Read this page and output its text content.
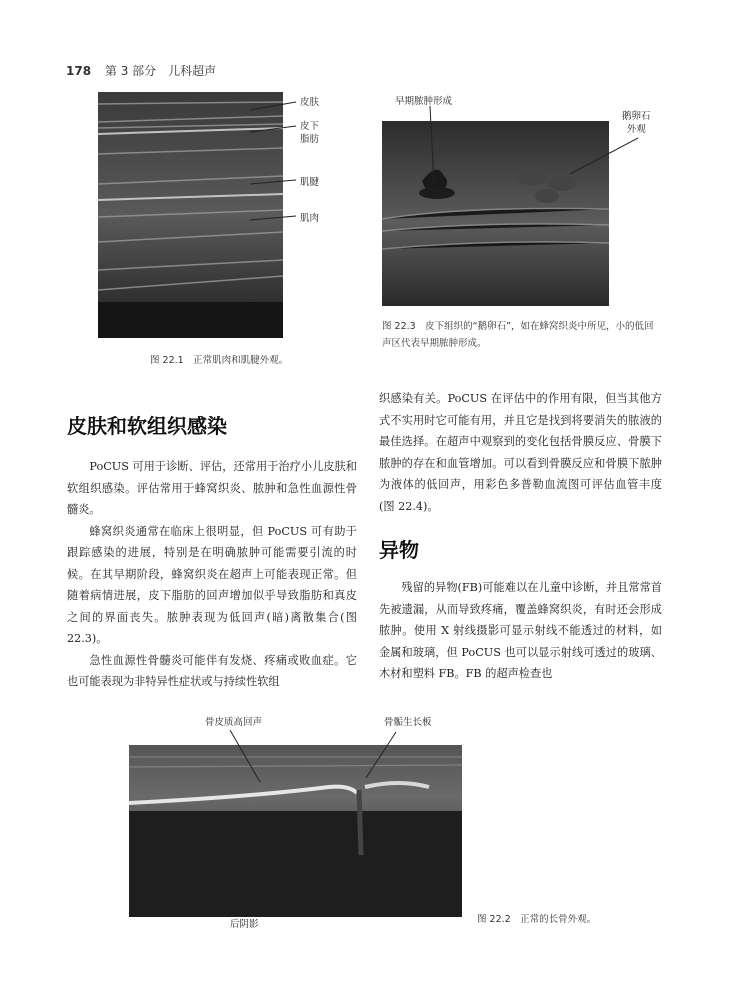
178 第 3 部分　儿科超声
皮肤
皮下
脂肪
肌腱
肌肉
图 22.1　正常肌肉和肌腱外观。
早期脓肿形成
鹅卵石
外观
图 22.3　皮下组织的“鹅卵石”，如在蜂窝织炎中所见，小的低回声区代表早期脓肿形成。
皮肤和软组织感染

PoCUS 可用于诊断、评估，还常用于治疗小儿皮肤和软组织感染。评估常用于蜂窝织炎、脓肿和急性血源性骨髓炎。

蜂窝织炎通常在临床上很明显，但 PoCUS 可有助于跟踪感染的进展，特别是在明确脓肿可能需要引流的时候。在其早期阶段，蜂窝织炎在超声上可能表现正常。但随着病情进展，皮下脂肪的回声增加似乎导致脂肪和真皮之间的界面丧失。脓肿表现为低回声(暗)离散集合(图 22.3)。

急性血源性骨髓炎可能伴有发烧、疼痛或败血症。它也可能表现为非特异性症状或与持续性软组

织感染有关。PoCUS 在评估中的作用有限，但当其他方式不实用时它可能有用，并且它是找到将要消失的脓液的最佳选择。在超声中观察到的变化包括骨膜反应、骨膜下脓肿的存在和血管增加。可以看到骨膜反应和骨膜下脓肿为液体的低回声，用彩色多普勒血流图可评估血管丰度(图 22.4)。

异物

残留的异物(FB)可能难以在儿童中诊断，并且常常首先被遗漏，从而导致疼痛，覆盖蜂窝织炎，有时还会形成脓肿。使用 X 射线摄影可显示射线不能透过的材料，如金属和玻璃，但 PoCUS 也可以显示射线可透过的玻璃、木材和塑料 FB。FB 的超声检查也

骨皮质高回声	骨骺生长板
后阴影	图 22.2　正常的长骨外观。
